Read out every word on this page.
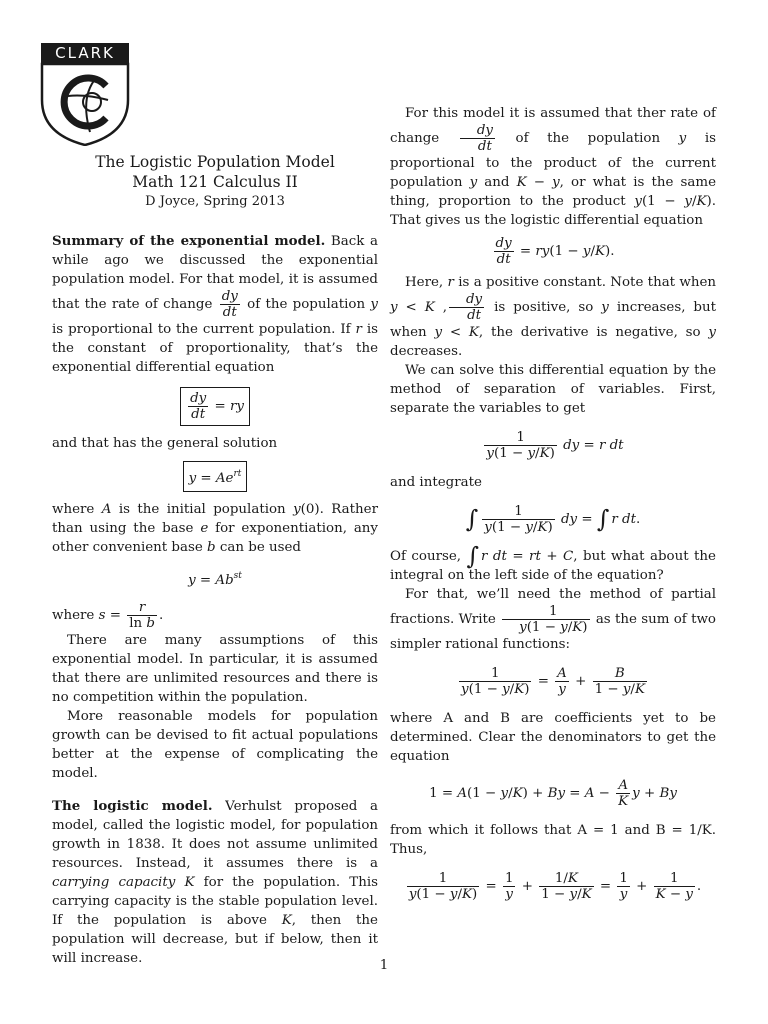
CLARK
The Logistic Population Model
Math 121 Calculus II
D Joyce, Spring 2013

Summary of the exponential model. Back a while ago we discussed the exponential population model. For that model, it is assumed that the rate of change $\frac{dy}{dt}$ of the population y is proportional to the current population. If r is the constant of proportionality, that’s the exponential differential equation

$\frac{dy}{dt}$ = ry

and that has the general solution

$y = Ae^{rt}$

where A is the initial population y(0). Rather than using the base e for exponentiation, any other convenient base b can be used

$y = Ab^{st}$

where $s = \frac{r}{\text{ln b}}$ .

There are many assumptions of this exponential model. In particular, it is assumed that there are unlimited resources and there is no competition within the population.

More reasonable models for population growth can be devised to fit actual populations better at the expense of complicating the model.

The logistic model. Verhulst proposed a model, called the logistic model, for population growth in 1838. It does not assume unlimited resources. Instead, it assumes there is a carrying capacity K for the population. This carrying capacity is the stable population level. If the population is above K, then the population will decrease, but if below, then it will increase.

For this model it is assumed that ther rate of change $\frac{dy}{dt}$ of the population y is proportional to the product of the current population y and K − y, or what is the same thing, proportion to the product y(1 − y/K). That gives us the logistic differential equation

$\frac{dy}{dt} = ry(1 - y/K)$.

Here, r is a positive constant. Note that when y < K , $\frac{dy}{dt}$ is positive, so y increases, but when y < K, the derivative is negative, so y decreases.

We can solve this differential equation by the method of separation of variables. First, separate the variables to get

$\frac{1}{y(1 - y/K)}$ dy = r dt

and integrate

∫ $\frac{1}{y(1 - y/K)}$ dy = ∫ r dt.

Of course, ∫ r dt = rt + C, but what about the integral on the left side of the equation?

For that, we’ll need the method of partial fractions. Write $\frac{1}{y(1 - y/K)}$ as the sum of two simpler rational functions:

$\frac{1}{y(1 - y/K)} = \frac{A}{y} + \frac{B}{1 - y/K}$

where A and B are coefficients yet to be determined. Clear the denominators to get the equation

$1 = A(1 - y/K) + By = A - \frac{A}{K}$ y + By

from which it follows that A = 1 and B = 1/K. Thus,

$\frac{1}{y(1 - y/K)} = \frac{1}{y} + \frac{1/K}{1 - y/K} = \frac{1}{y} + \frac{1}{K - y}$ .
1
